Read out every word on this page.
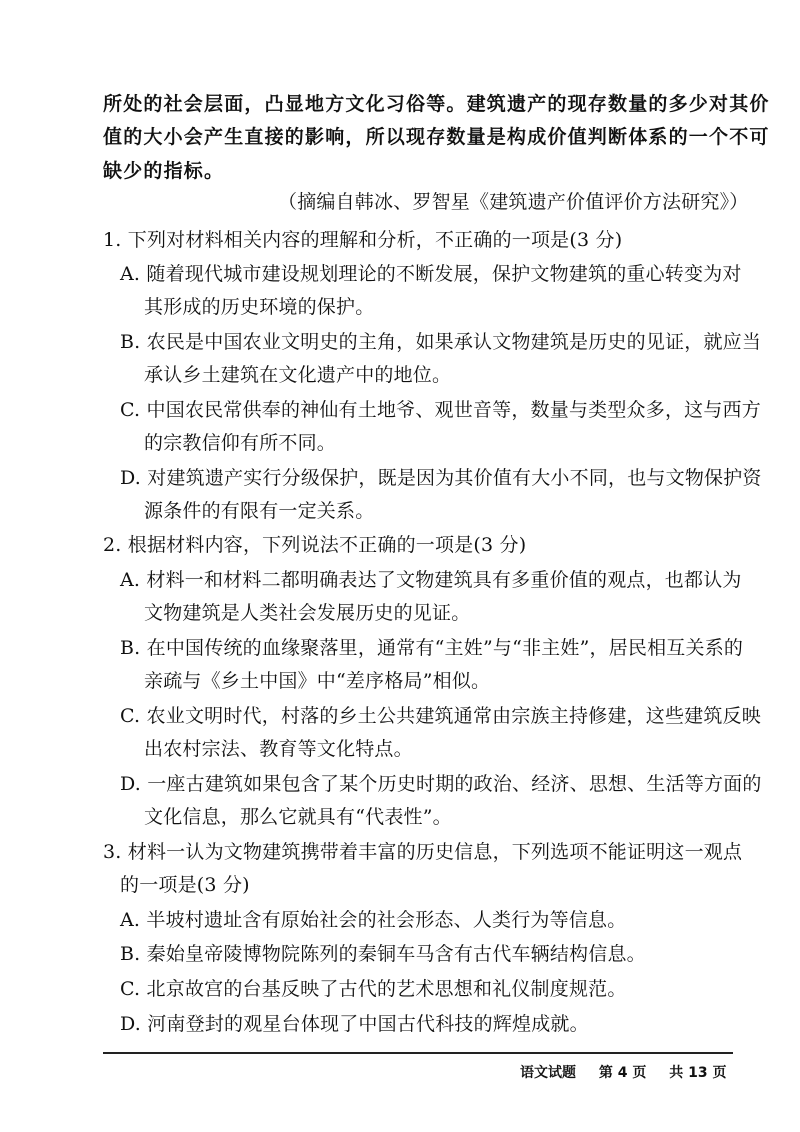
所处的社会层面，凸显地方文化习俗等。建筑遗产的现存数量的多少对其价
值的大小会产生直接的影响，所以现存数量是构成价值判断体系的一个不可
缺少的指标。
（摘编自韩冰、罗智星《建筑遗产价值评价方法研究》）
1. 下列对材料相关内容的理解和分析，不正确的一项是(3 分)
A. 随着现代城市建设规划理论的不断发展，保护文物建筑的重心转变为对
其形成的历史环境的保护。
B. 农民是中国农业文明史的主角，如果承认文物建筑是历史的见证，就应当
承认乡土建筑在文化遗产中的地位。
C. 中国农民常供奉的神仙有土地爷、观世音等，数量与类型众多，这与西方
的宗教信仰有所不同。
D. 对建筑遗产实行分级保护，既是因为其价值有大小不同，也与文物保护资
源条件的有限有一定关系。
2. 根据材料内容，下列说法不正确的一项是(3 分)
A. 材料一和材料二都明确表达了文物建筑具有多重价值的观点，也都认为
文物建筑是人类社会发展历史的见证。
B. 在中国传统的血缘聚落里，通常有“主姓”与“非主姓”，居民相互关系的
亲疏与《乡土中国》中“差序格局”相似。
C. 农业文明时代，村落的乡土公共建筑通常由宗族主持修建，这些建筑反映
出农村宗法、教育等文化特点。
D. 一座古建筑如果包含了某个历史时期的政治、经济、思想、生活等方面的
文化信息，那么它就具有“代表性”。
3. 材料一认为文物建筑携带着丰富的历史信息，下列选项不能证明这一观点
的一项是(3 分)
A. 半坡村遗址含有原始社会的社会形态、人类行为等信息。
B. 秦始皇帝陵博物院陈列的秦铜车马含有古代车辆结构信息。
C. 北京故宫的台基反映了古代的艺术思想和礼仪制度规范。
D. 河南登封的观星台体现了中国古代科技的辉煌成就。
语文试题 第 4 页 共 13 页
